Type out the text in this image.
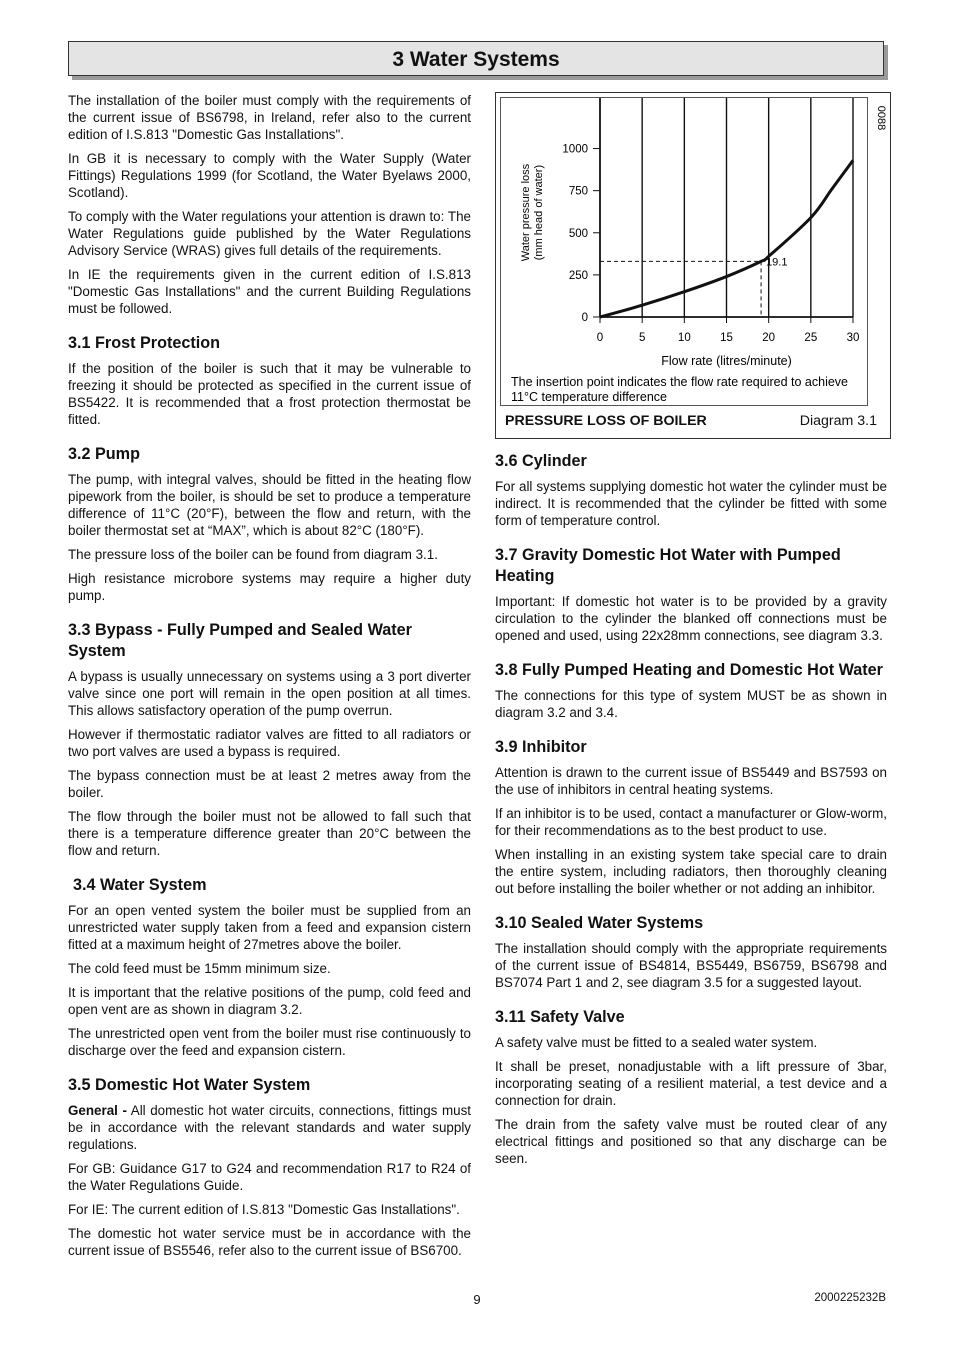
3 Water Systems

The installation of the boiler must comply with the requirements of the current issue of BS6798, in Ireland, refer also to the current edition of I.S.813 "Domestic Gas Installations".

In GB it is necessary to comply with the Water Supply (Water Fittings) Regulations 1999 (for Scotland, the Water Byelaws 2000, Scotland).

To comply with the Water regulations your attention is drawn to: The Water Regulations guide published by the Water Regulations Advisory Service (WRAS) gives full details of the requirements.

In IE the requirements given in the current edition of I.S.813 "Domestic Gas Installations" and the current Building Regulations must be followed.

3.1 Frost Protection

If the position of the boiler is such that it may be vulnerable to freezing it should be protected as specified in the current issue of BS5422. It is recommended that a frost protection thermostat be fitted.

3.2 Pump

The pump, with integral valves, should be fitted in the heating flow pipework from the boiler, is should be set to produce a temperature difference of 11°C (20°F), between the flow and return, with the boiler thermostat set at “MAX”, which is about 82°C (180°F).

The pressure loss of the boiler can be found from diagram 3.1.

High resistance microbore systems may require a higher duty pump.

3.3 Bypass - Fully Pumped and Sealed Water System

A bypass is usually unnecessary on systems using a 3 port diverter valve since one port will remain in the open position at all times. This allows satisfactory operation of the pump overrun.

However if thermostatic radiator valves are fitted to all radiators or two port valves are used a bypass is required.

The bypass connection must be at least 2 metres away from the boiler.

The flow through the boiler must not be allowed to fall such that there is a temperature difference greater than 20°C between the flow and return.

3.4 Water System

For an open vented system the boiler must be supplied from an unrestricted water supply taken from a feed and expansion cistern fitted at a maximum height of 27metres above the boiler.

The cold feed must be 15mm minimum size.

It is important that the relative positions of the pump, cold feed and open vent are as shown in diagram 3.2.

The unrestricted open vent from the boiler must rise continuously to discharge over the feed and expansion cistern.

3.5 Domestic Hot Water System

General - All domestic hot water circuits, connections, fittings must be in accordance with the relevant standards and water supply regulations.

For GB: Guidance G17 to G24 and recommendation R17 to R24 of the Water Regulations Guide.

For IE: The current edition of I.S.813 "Domestic Gas Installations".

The domestic hot water service must be in accordance with the current issue of BS5546, refer also to the current issue of BS6700.

0
250
500
750
1000
0	5	10	15	20	25	30
19.1
Water pressure loss (mm head of water)
Flow rate (litres/minute)
0088
The insertion point indicates the flow rate required to achieve
11°C temperature difference
PRESSURE LOSS OF BOILER	Diagram 3.1
3.6 Cylinder

For all systems supplying domestic hot water the cylinder must be indirect. It is recommended that the cylinder be fitted with some form of temperature control.

3.7 Gravity Domestic Hot Water with Pumped Heating

Important: If domestic hot water is to be provided by a gravity circulation to the cylinder the blanked off connections must be opened and used, using 22x28mm connections, see diagram 3.3.

3.8 Fully Pumped Heating and Domestic Hot Water

The connections for this type of system MUST be as shown in diagram 3.2 and 3.4.

3.9 Inhibitor

Attention is drawn to the current issue of BS5449 and BS7593 on the use of inhibitors in central heating systems.

If an inhibitor is to be used, contact a manufacturer or Glow-worm, for their recommendations as to the best product to use.

When installing in an existing system take special care to drain the entire system, including radiators, then thoroughly cleaning out before installing the boiler whether or not adding an inhibitor.

3.10 Sealed Water Systems

The installation should comply with the appropriate requirements of the current issue of BS4814, BS5449, BS6759, BS6798 and BS7074 Part 1 and 2, see diagram 3.5 for a suggested layout.

3.11 Safety Valve

A safety valve must be fitted to a sealed water system.

It shall be preset, nonadjustable with a lift pressure of 3bar, incorporating seating of a resilient material, a test device and a connection for drain.

The drain from the safety valve must be routed clear of any electrical fittings and positioned so that any discharge can be seen.

9	2000225232B
